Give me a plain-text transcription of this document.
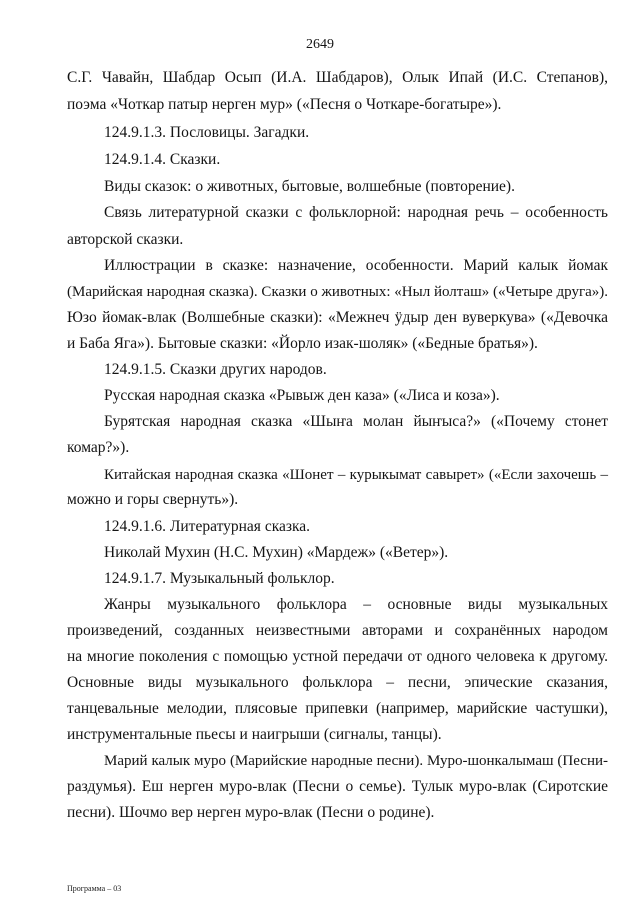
2649
С.Г. Чавайн, Шабдар Осып (И.А. Шабдаров), Олык Ипай (И.С. Степанов),
поэма «Чоткар патыр нерген мур» («Песня о Чоткаре-богатыре»).
124.9.1.3. Пословицы. Загадки.
124.9.1.4. Сказки.
Виды сказок: о животных, бытовые, волшебные (повторение).
Связь литературной сказки с фольклорной: народная речь – особенность
авторской сказки.
Иллюстрации в сказке: назначение, особенности. Марий калык йомак
(Марийская народная сказка). Сказки о животных: «Ныл йолташ» («Четыре друга»).
Юзо йомак-влак (Волшебные сказки): «Межнеч ӱдыр ден вуверкува» («Девочка
и Баба Яга»). Бытовые сказки: «Йорло изак-шоляк» («Бедные братья»).
124.9.1.5. Сказки других народов.
Русская народная сказка «Рывыж ден каза» («Лиса и коза»).
Бурятская народная сказка «Шыҥа молан йыҥыса?» («Почему стонет
комар?»).
Китайская народная сказка «Шонет – курыкымат савырет» («Если захочешь –
можно и горы свернуть»).
124.9.1.6. Литературная сказка.
Николай Мухин (Н.С. Мухин) «Мардеж» («Ветер»).
124.9.1.7. Музыкальный фольклор.
Жанры музыкального фольклора – основные виды музыкальных
произведений, созданных неизвестными авторами и сохранённых народом
на многие поколения с помощью устной передачи от одного человека к другому.
Основные виды музыкального фольклора – песни, эпические сказания,
танцевальные мелодии, плясовые припевки (например, марийские частушки),
инструментальные пьесы и наигрыши (сигналы, танцы).
Марий калык муро (Марийские народные песни). Муро-шонкалымаш (Песни-
раздумья). Еш нерген муро-влак (Песни о семье). Тулык муро-влак (Сиротские
песни). Шочмо вер нерген муро-влак (Песни о родине).
Программа – 03
